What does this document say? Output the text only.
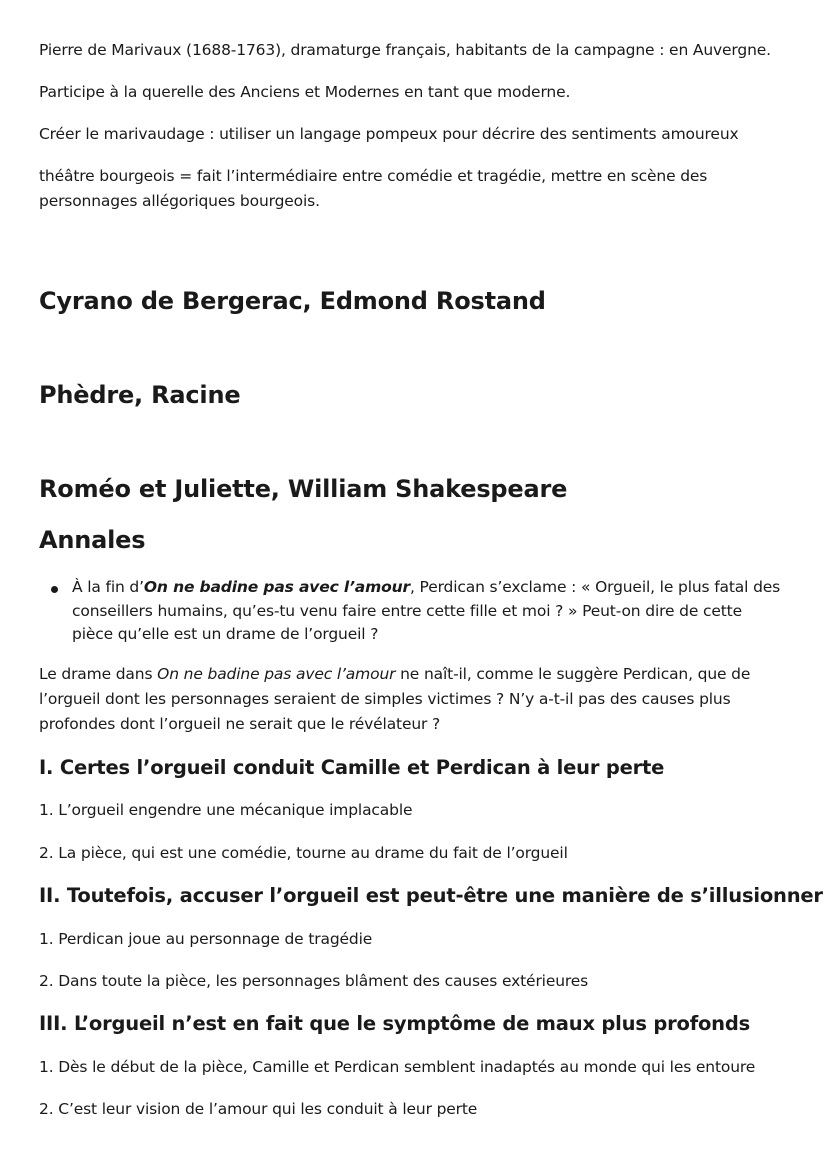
Pierre de Marivaux (1688-1763), dramaturge français, habitants de la campagne : en Auvergne.

Participe à la querelle des Anciens et Modernes en tant que moderne.

Créer le marivaudage : utiliser un langage pompeux pour décrire des sentiments amoureux

théâtre bourgeois = fait l’intermédiaire entre comédie et tragédie, mettre en scène des
personnages allégoriques bourgeois.

Cyrano de Bergerac, Edmond Rostand
Phèdre, Racine
Roméo et Juliette, William Shakespeare
Annales
À la fin d’On ne badine pas avec l’amour, Perdican s’exclame : « Orgueil, le plus fatal des
conseillers humains, qu’es-tu venu faire entre cette fille et moi ? » Peut-on dire de cette
pièce qu’elle est un drame de l’orgueil ?

Le drame dans On ne badine pas avec l’amour ne naît-il, comme le suggère Perdican, que de
l’orgueil dont les personnages seraient de simples victimes ? N’y a-t-il pas des causes plus
profondes dont l’orgueil ne serait que le révélateur ?

I. Certes l’orgueil conduit Camille et Perdican à leur perte

1. L’orgueil engendre une mécanique implacable

2. La pièce, qui est une comédie, tourne au drame du fait de l’orgueil

II. Toutefois, accuser l’orgueil est peut-être une manière de s’illusionner

1. Perdican joue au personnage de tragédie

2. Dans toute la pièce, les personnages blâment des causes extérieures

III. L’orgueil n’est en fait que le symptôme de maux plus profonds

1. Dès le début de la pièce, Camille et Perdican semblent inadaptés au monde qui les entoure

2. C’est leur vision de l’amour qui les conduit à leur perte
